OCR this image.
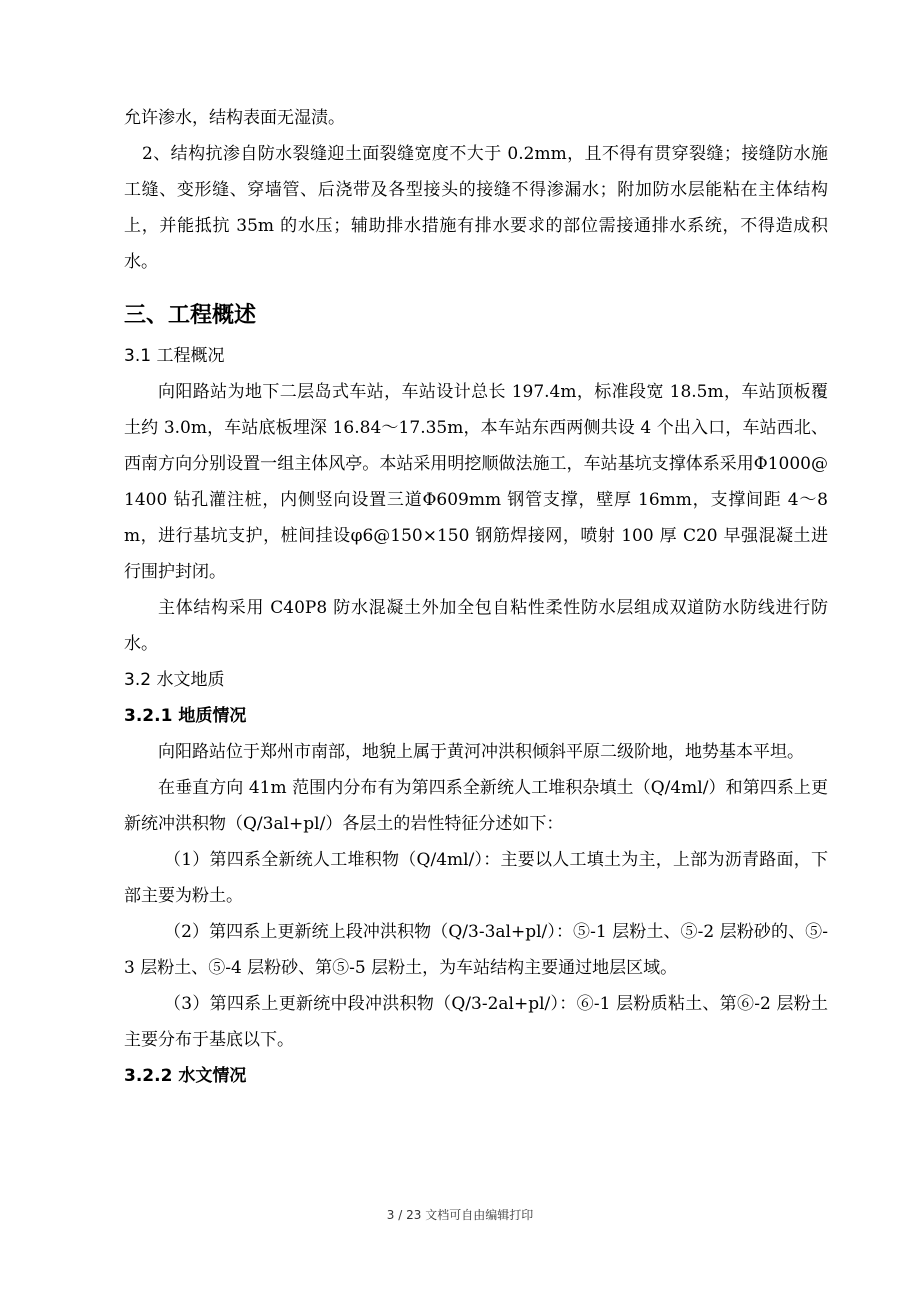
允许渗水，结构表面无湿渍。

2、结构抗渗自防水裂缝迎土面裂缝宽度不大于 0.2mm，且不得有贯穿裂缝；接缝防水施工缝、变形缝、穿墙管、后浇带及各型接头的接缝不得渗漏水；附加防水层能粘在主体结构上，并能抵抗 35m 的水压；辅助排水措施有排水要求的部位需接通排水系统，不得造成积水。

三、工程概述
3.1 工程概况

向阳路站为地下二层岛式车站，车站设计总长 197.4m，标准段宽 18.5m，车站顶板覆土约 3.0m，车站底板埋深 16.84～17.35m，本车站东西两侧共设 4 个出入口，车站西北、西南方向分别设置一组主体风亭。本站采用明挖顺做法施工，车站基坑支撑体系采用Φ1000@1400 钻孔灌注桩，内侧竖向设置三道Φ609mm 钢管支撑，壁厚 16mm，支撑间距 4～8m，进行基坑支护，桩间挂设φ6@150×150 钢筋焊接网，喷射 100 厚 C20 早强混凝土进行围护封闭。

主体结构采用 C40P8 防水混凝土外加全包自粘性柔性防水层组成双道防水防线进行防水。

3.2 水文地质
3.2.1 地质情况

向阳路站位于郑州市南部，地貌上属于黄河冲洪积倾斜平原二级阶地，地势基本平坦。

在垂直方向 41m 范围内分布有为第四系全新统人工堆积杂填土（Q/4ml/）和第四系上更新统冲洪积物（Q/3al+pl/）各层土的岩性特征分述如下：

（1）第四系全新统人工堆积物（Q/4ml/）：主要以人工填土为主，上部为沥青路面，下部主要为粉土。

（2）第四系上更新统上段冲洪积物（Q/3-3al+pl/）：⑤-1 层粉土、⑤-2 层粉砂的、⑤-3 层粉土、⑤-4 层粉砂、第⑤-5 层粉土，为车站结构主要通过地层区域。

（3）第四系上更新统中段冲洪积物（Q/3-2al+pl/）：⑥-1 层粉质粘土、第⑥-2 层粉土主要分布于基底以下。

3.2.2 水文情况
3 / 23 文档可自由编辑打印
